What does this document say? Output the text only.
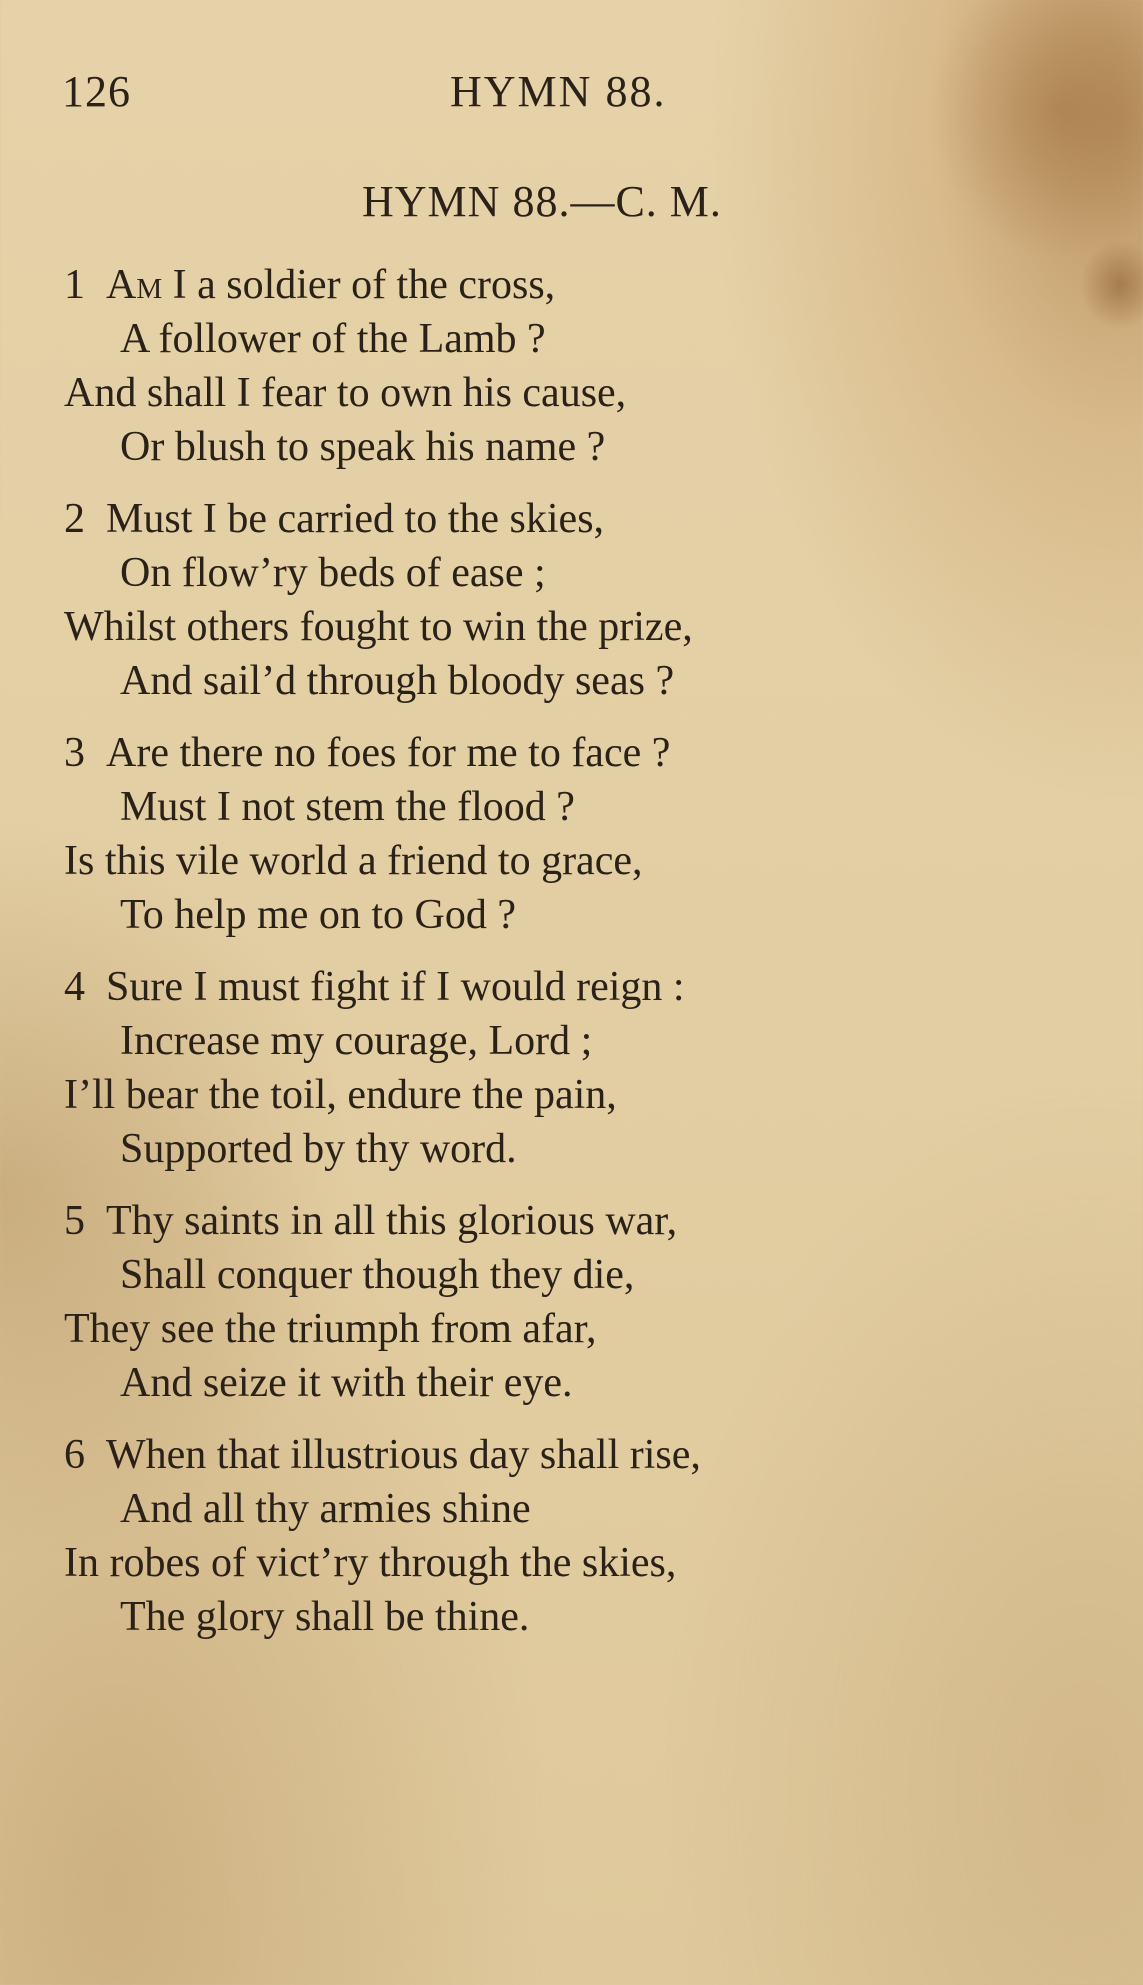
126	HYMN 88.
HYMN 88.—C. M.
1 Am I a soldier of the cross,
A follower of the Lamb ?
And shall I fear to own his cause,
Or blush to speak his name ?
2 Must I be carried to the skies,
On flow’ry beds of ease ;
Whilst others fought to win the prize,
And sail’d through bloody seas ?
3 Are there no foes for me to face ?
Must I not stem the flood ?
Is this vile world a friend to grace,
To help me on to God ?
4 Sure I must fight if I would reign :
Increase my courage, Lord ;
I’ll bear the toil, endure the pain,
Supported by thy word.
5 Thy saints in all this glorious war,
Shall conquer though they die,
They see the triumph from afar,
And seize it with their eye.
6 When that illustrious day shall rise,
And all thy armies shine
In robes of vict’ry through the skies,
The glory shall be thine.
